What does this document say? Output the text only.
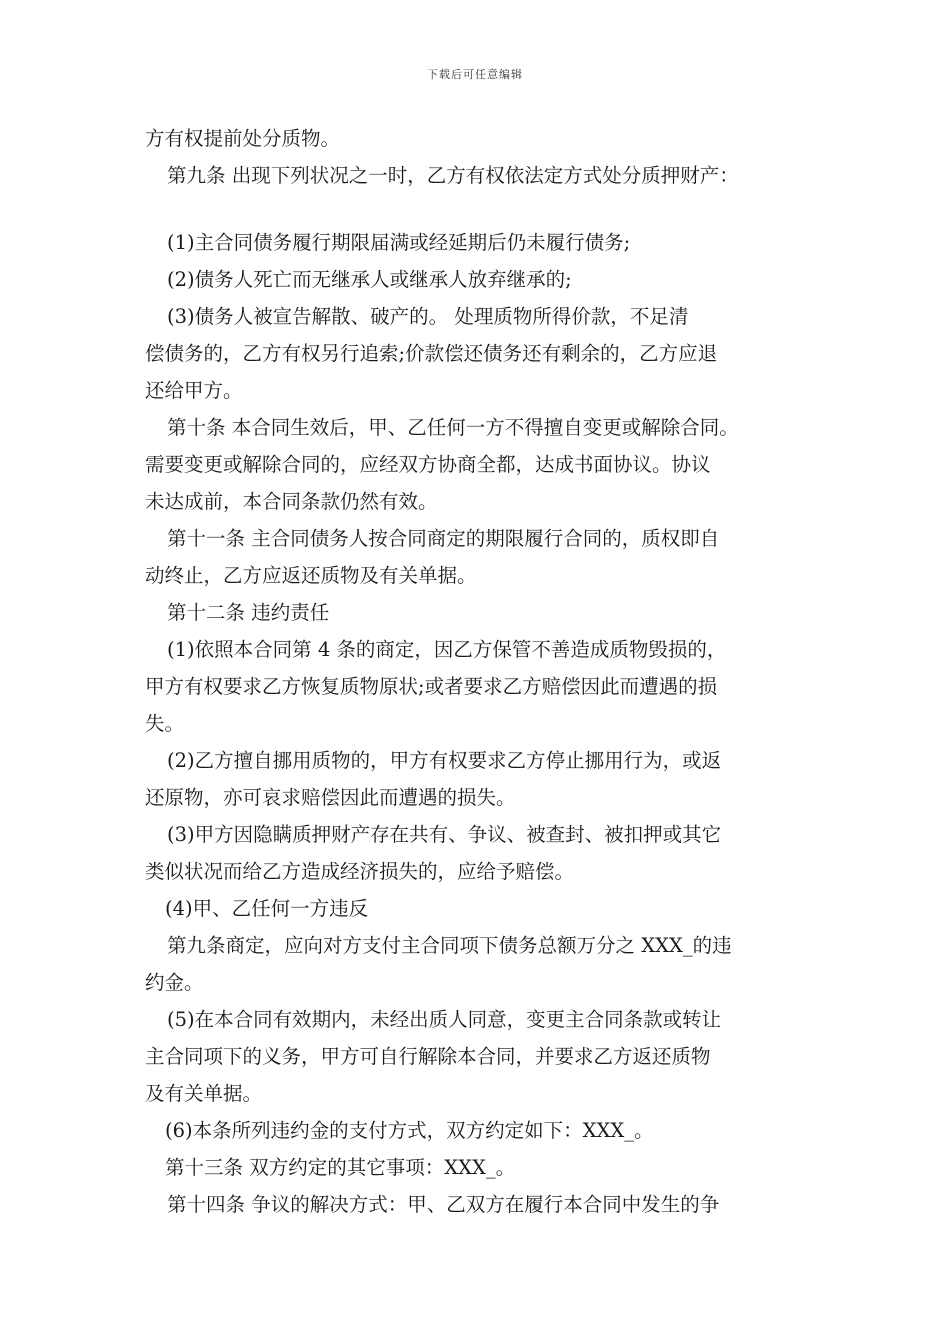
下载后可任意编辑
方有权提前处分质物。
第九条 出现下列状况之一时，乙方有权依法定方式处分质押财产：
(1)主合同债务履行期限届满或经延期后仍未履行债务;
(2)债务人死亡而无继承人或继承人放弃继承的;
(3)债务人被宣告解散、破产的。 处理质物所得价款，不足清
偿债务的，乙方有权另行追索;价款偿还债务还有剩余的，乙方应退
还给甲方。
第十条 本合同生效后，甲、乙任何一方不得擅自变更或解除合同。
需要变更或解除合同的，应经双方协商全都，达成书面协议。协议
未达成前，本合同条款仍然有效。
第十一条 主合同债务人按合同商定的期限履行合同的，质权即自
动终止，乙方应返还质物及有关单据。
第十二条 违约责任
(1)依照本合同第 4 条的商定，因乙方保管不善造成质物毁损的，
甲方有权要求乙方恢复质物原状;或者要求乙方赔偿因此而遭遇的损
失。
(2)乙方擅自挪用质物的，甲方有权要求乙方停止挪用行为，或返
还原物，亦可哀求赔偿因此而遭遇的损失。
(3)甲方因隐瞒质押财产存在共有、争议、被查封、被扣押或其它
类似状况而给乙方造成经济损失的，应给予赔偿。
(4)甲、乙任何一方违反
第九条商定，应向对方支付主合同项下债务总额万分之 XXX_的违
约金。
(5)在本合同有效期内，未经出质人同意，变更主合同条款或转让
主合同项下的义务，甲方可自行解除本合同，并要求乙方返还质物
及有关单据。
(6)本条所列违约金的支付方式，双方约定如下：XXX_。
第十三条 双方约定的其它事项：XXX_。
第十四条 争议的解决方式：甲、乙双方在履行本合同中发生的争
